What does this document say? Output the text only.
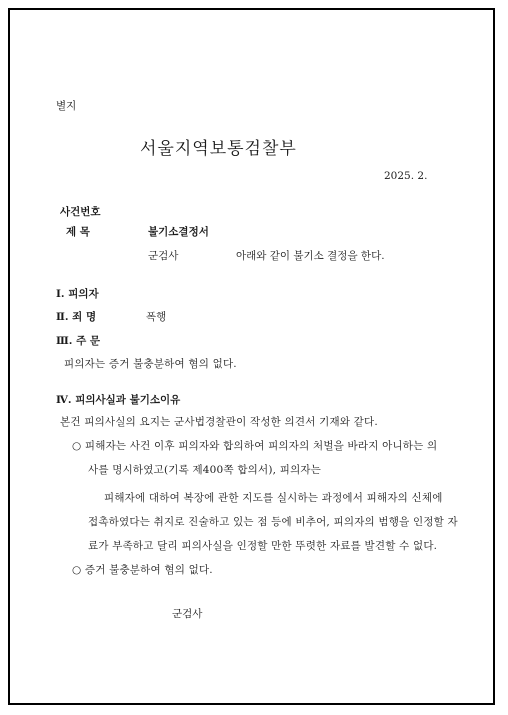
별지
서울지역보통검찰부
2025. 2.
사건번호
제 목	불기소결정서
군검사	아래와 같이 불기소 결정을 한다.
Ⅰ. 피의자
Ⅱ. 죄 명	폭행
Ⅲ. 주 문
피의자는 증거 불충분하여 혐의 없다.
Ⅳ. 피의사실과 불기소이유
본건 피의사실의 요지는 군사법경찰관이 작성한 의견서 기재와 같다.
○ 피해자는 사건 이후 피의자와 합의하여 피의자의 처벌을 바라지 아니하는 의
사를 명시하였고(기록 제400쪽 합의서), 피의자는
피해자에 대하여 복장에 관한 지도를 실시하는 과정에서 피해자의 신체에
접촉하였다는 취지로 진술하고 있는 점 등에 비추어, 피의자의 범행을 인정할 자
료가 부족하고 달리 피의사실을 인정할 만한 뚜렷한 자료를 발견할 수 없다.
○ 증거 불충분하여 혐의 없다.
군검사
